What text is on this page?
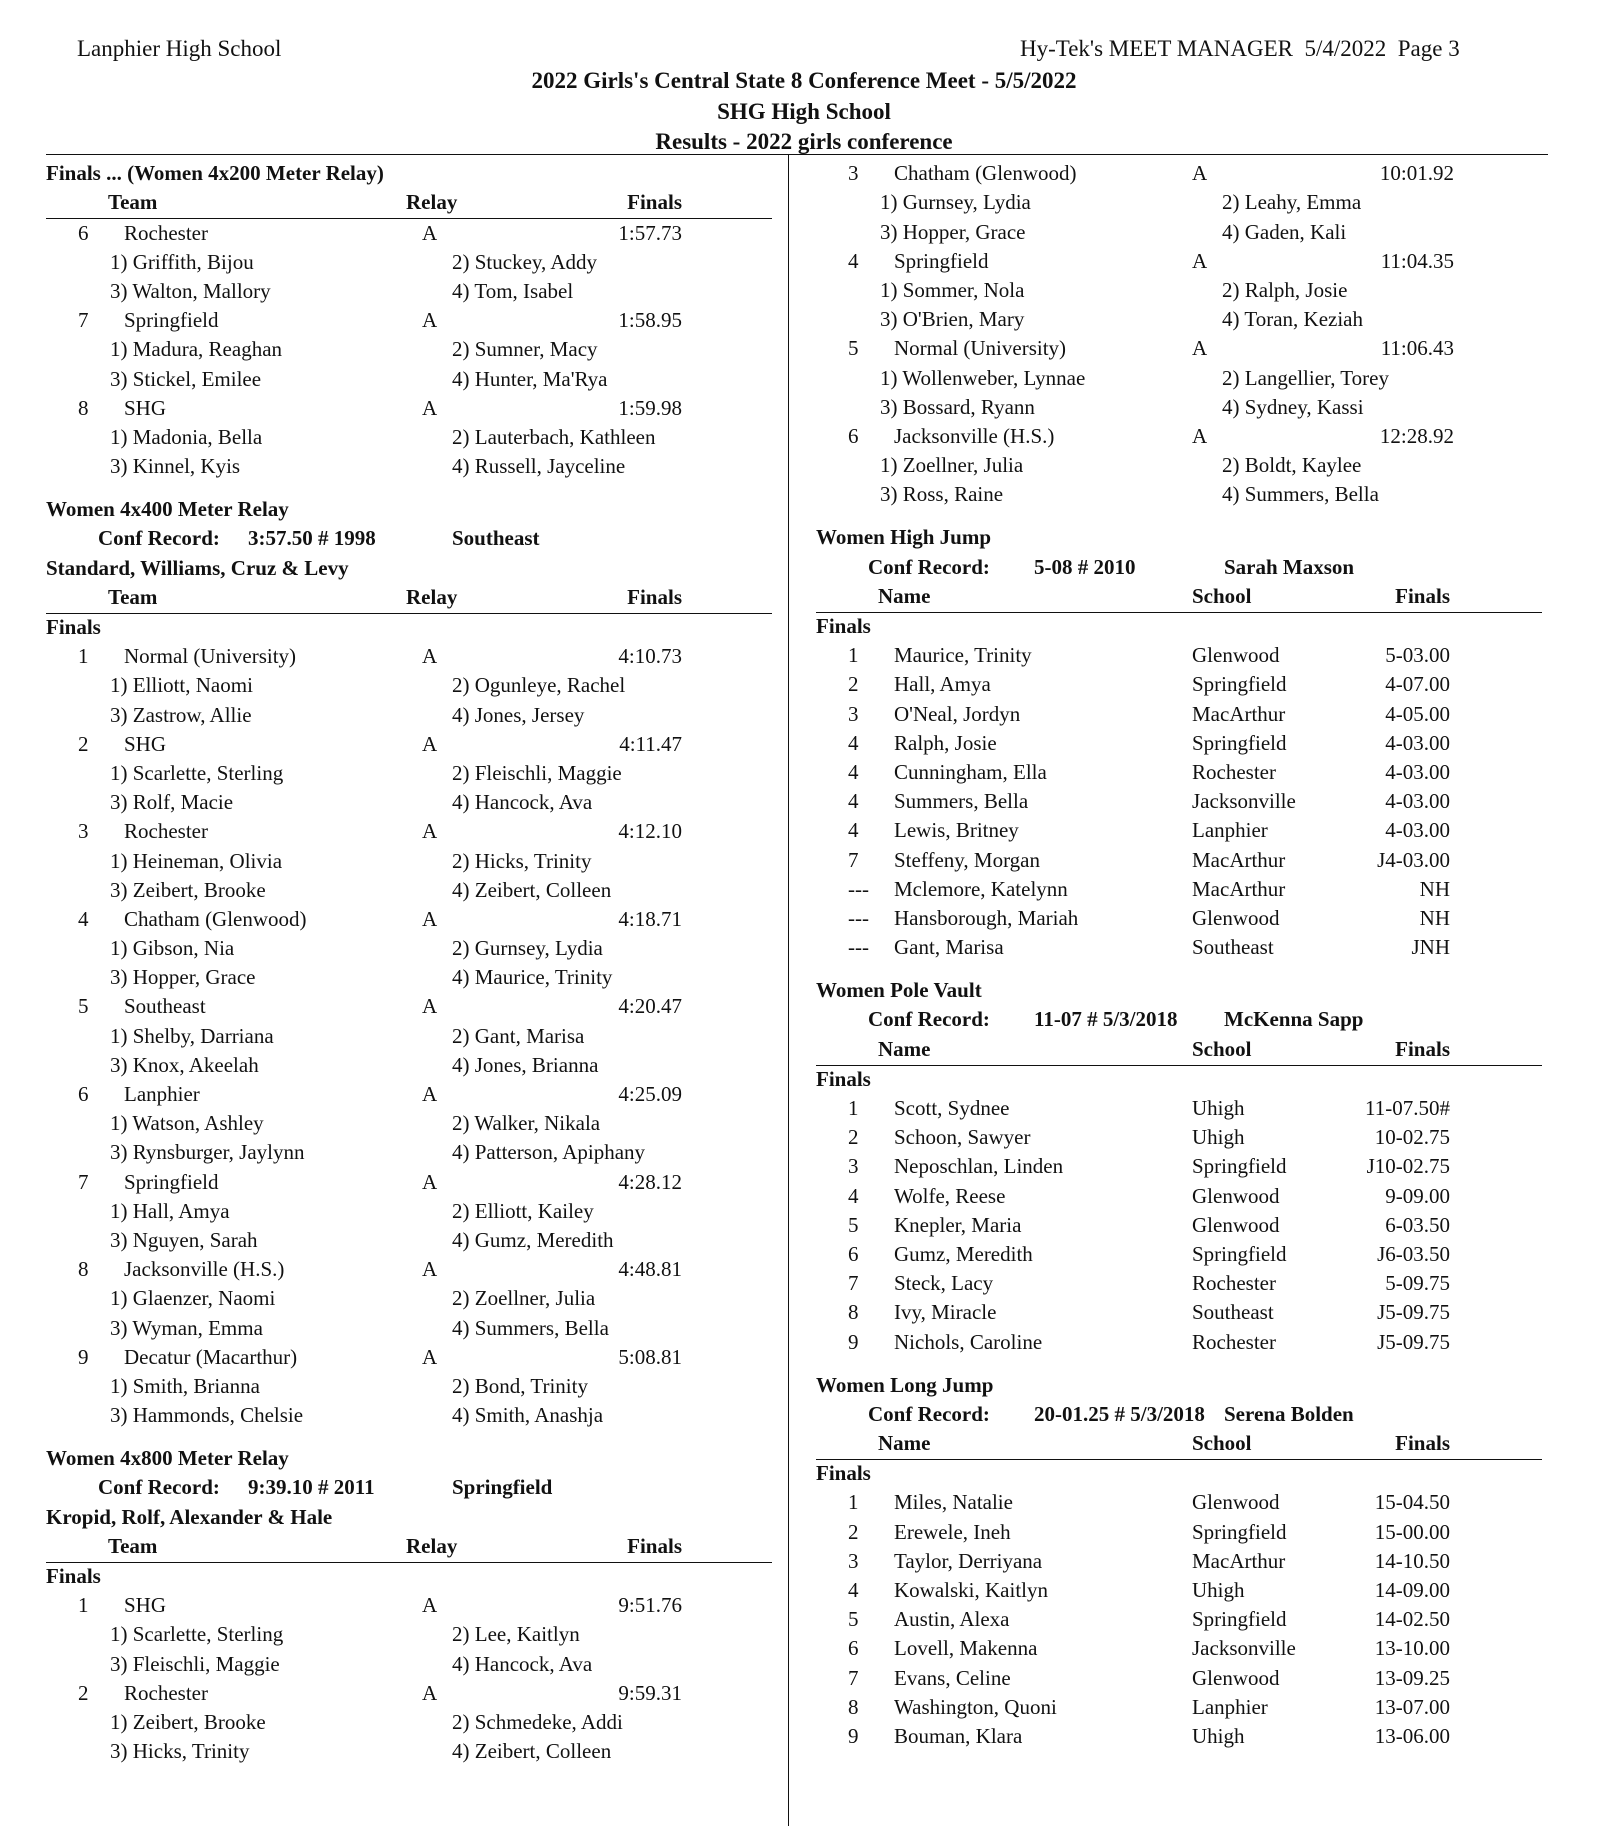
Lanphier High School	Hy-Tek's MEET MANAGER  5/4/2022  Page 3
2022 Girls's Central State 8 Conference Meet - 5/5/2022
SHG High School
Results - 2022 girls conference
Finals ... (Women 4x200 Meter Relay)
Team	Relay	Finals
6 Rochester	A	1:57.73
1) Griffith, Bijou	2) Stuckey, Addy
3) Walton, Mallory	4) Tom, Isabel
7 Springfield	A	1:58.95
1) Madura, Reaghan	2) Sumner, Macy
3) Stickel, Emilee	4) Hunter, Ma'Rya
8 SHG	A	1:59.98
1) Madonia, Bella	2) Lauterbach, Kathleen
3) Kinnel, Kyis	4) Russell, Jayceline
Women 4x400 Meter Relay
Conf Record: 3:57.50 # 1998	Southeast
Standard, Williams, Cruz & Levy
Team	Relay	Finals
Finals
1 Normal (University)	A	4:10.73
1) Elliott, Naomi	2) Ogunleye, Rachel
3) Zastrow, Allie	4) Jones, Jersey
2 SHG	A	4:11.47
1) Scarlette, Sterling	2) Fleischli, Maggie
3) Rolf, Macie	4) Hancock, Ava
3 Rochester	A	4:12.10
1) Heineman, Olivia	2) Hicks, Trinity
3) Zeibert, Brooke	4) Zeibert, Colleen
4 Chatham (Glenwood)	A	4:18.71
1) Gibson, Nia	2) Gurnsey, Lydia
3) Hopper, Grace	4) Maurice, Trinity
5 Southeast	A	4:20.47
1) Shelby, Darriana	2) Gant, Marisa
3) Knox, Akeelah	4) Jones, Brianna
6 Lanphier	A	4:25.09
1) Watson, Ashley	2) Walker, Nikala
3) Rynsburger, Jaylynn	4) Patterson, Apiphany
7 Springfield	A	4:28.12
1) Hall, Amya	2) Elliott, Kailey
3) Nguyen, Sarah	4) Gumz, Meredith
8 Jacksonville (H.S.)	A	4:48.81
1) Glaenzer, Naomi	2) Zoellner, Julia
3) Wyman, Emma	4) Summers, Bella
9 Decatur (Macarthur)	A	5:08.81
1) Smith, Brianna	2) Bond, Trinity
3) Hammonds, Chelsie	4) Smith, Anashja
Women 4x800 Meter Relay
Conf Record: 9:39.10 # 2011	Springfield
Kropid, Rolf, Alexander & Hale
Team	Relay	Finals
Finals
1 SHG	A	9:51.76
1) Scarlette, Sterling	2) Lee, Kaitlyn
3) Fleischli, Maggie	4) Hancock, Ava
2 Rochester	A	9:59.31
1) Zeibert, Brooke	2) Schmedeke, Addi
3) Hicks, Trinity	4) Zeibert, Colleen
3 Chatham (Glenwood)	A	10:01.92
1) Gurnsey, Lydia	2) Leahy, Emma
3) Hopper, Grace	4) Gaden, Kali
4 Springfield	A	11:04.35
1) Sommer, Nola	2) Ralph, Josie
3) O'Brien, Mary	4) Toran, Keziah
5 Normal (University)	A	11:06.43
1) Wollenweber, Lynnae	2) Langellier, Torey
3) Bossard, Ryann	4) Sydney, Kassi
6 Jacksonville (H.S.)	A	12:28.92
1) Zoellner, Julia	2) Boldt, Kaylee
3) Ross, Raine	4) Summers, Bella
Women High Jump
Conf Record: 5-08 # 2010	Sarah Maxson
Name	School	Finals
Finals
1 Maurice, Trinity	Glenwood	5-03.00
2 Hall, Amya	Springfield	4-07.00
3 O'Neal, Jordyn	MacArthur	4-05.00
4 Ralph, Josie	Springfield	4-03.00
4 Cunningham, Ella	Rochester	4-03.00
4 Summers, Bella	Jacksonville	4-03.00
4 Lewis, Britney	Lanphier	4-03.00
7 Steffeny, Morgan	MacArthur	J4-03.00
--- Mclemore, Katelynn	MacArthur	NH
--- Hansborough, Mariah	Glenwood	NH
--- Gant, Marisa	Southeast	JNH
Women Pole Vault
Conf Record: 11-07 # 5/3/2018 McKenna Sapp
Name	School	Finals
Finals
1 Scott, Sydnee	Uhigh	11-07.50#
2 Schoon, Sawyer	Uhigh	10-02.75
3 Neposchlan, Linden	Springfield	J10-02.75
4 Wolfe, Reese	Glenwood	9-09.00
5 Knepler, Maria	Glenwood	6-03.50
6 Gumz, Meredith	Springfield	J6-03.50
7 Steck, Lacy	Rochester	5-09.75
8 Ivy, Miracle	Southeast	J5-09.75
9 Nichols, Caroline	Rochester	J5-09.75
Women Long Jump
Conf Record: 20-01.25 # 5/3/2018 Serena Bolden
Name	School	Finals
Finals
1 Miles, Natalie	Glenwood	15-04.50
2 Erewele, Ineh	Springfield	15-00.00
3 Taylor, Derriyana	MacArthur	14-10.50
4 Kowalski, Kaitlyn	Uhigh	14-09.00
5 Austin, Alexa	Springfield	14-02.50
6 Lovell, Makenna	Jacksonville	13-10.00
7 Evans, Celine	Glenwood	13-09.25
8 Washington, Quoni	Lanphier	13-07.00
9 Bouman, Klara	Uhigh	13-06.00
